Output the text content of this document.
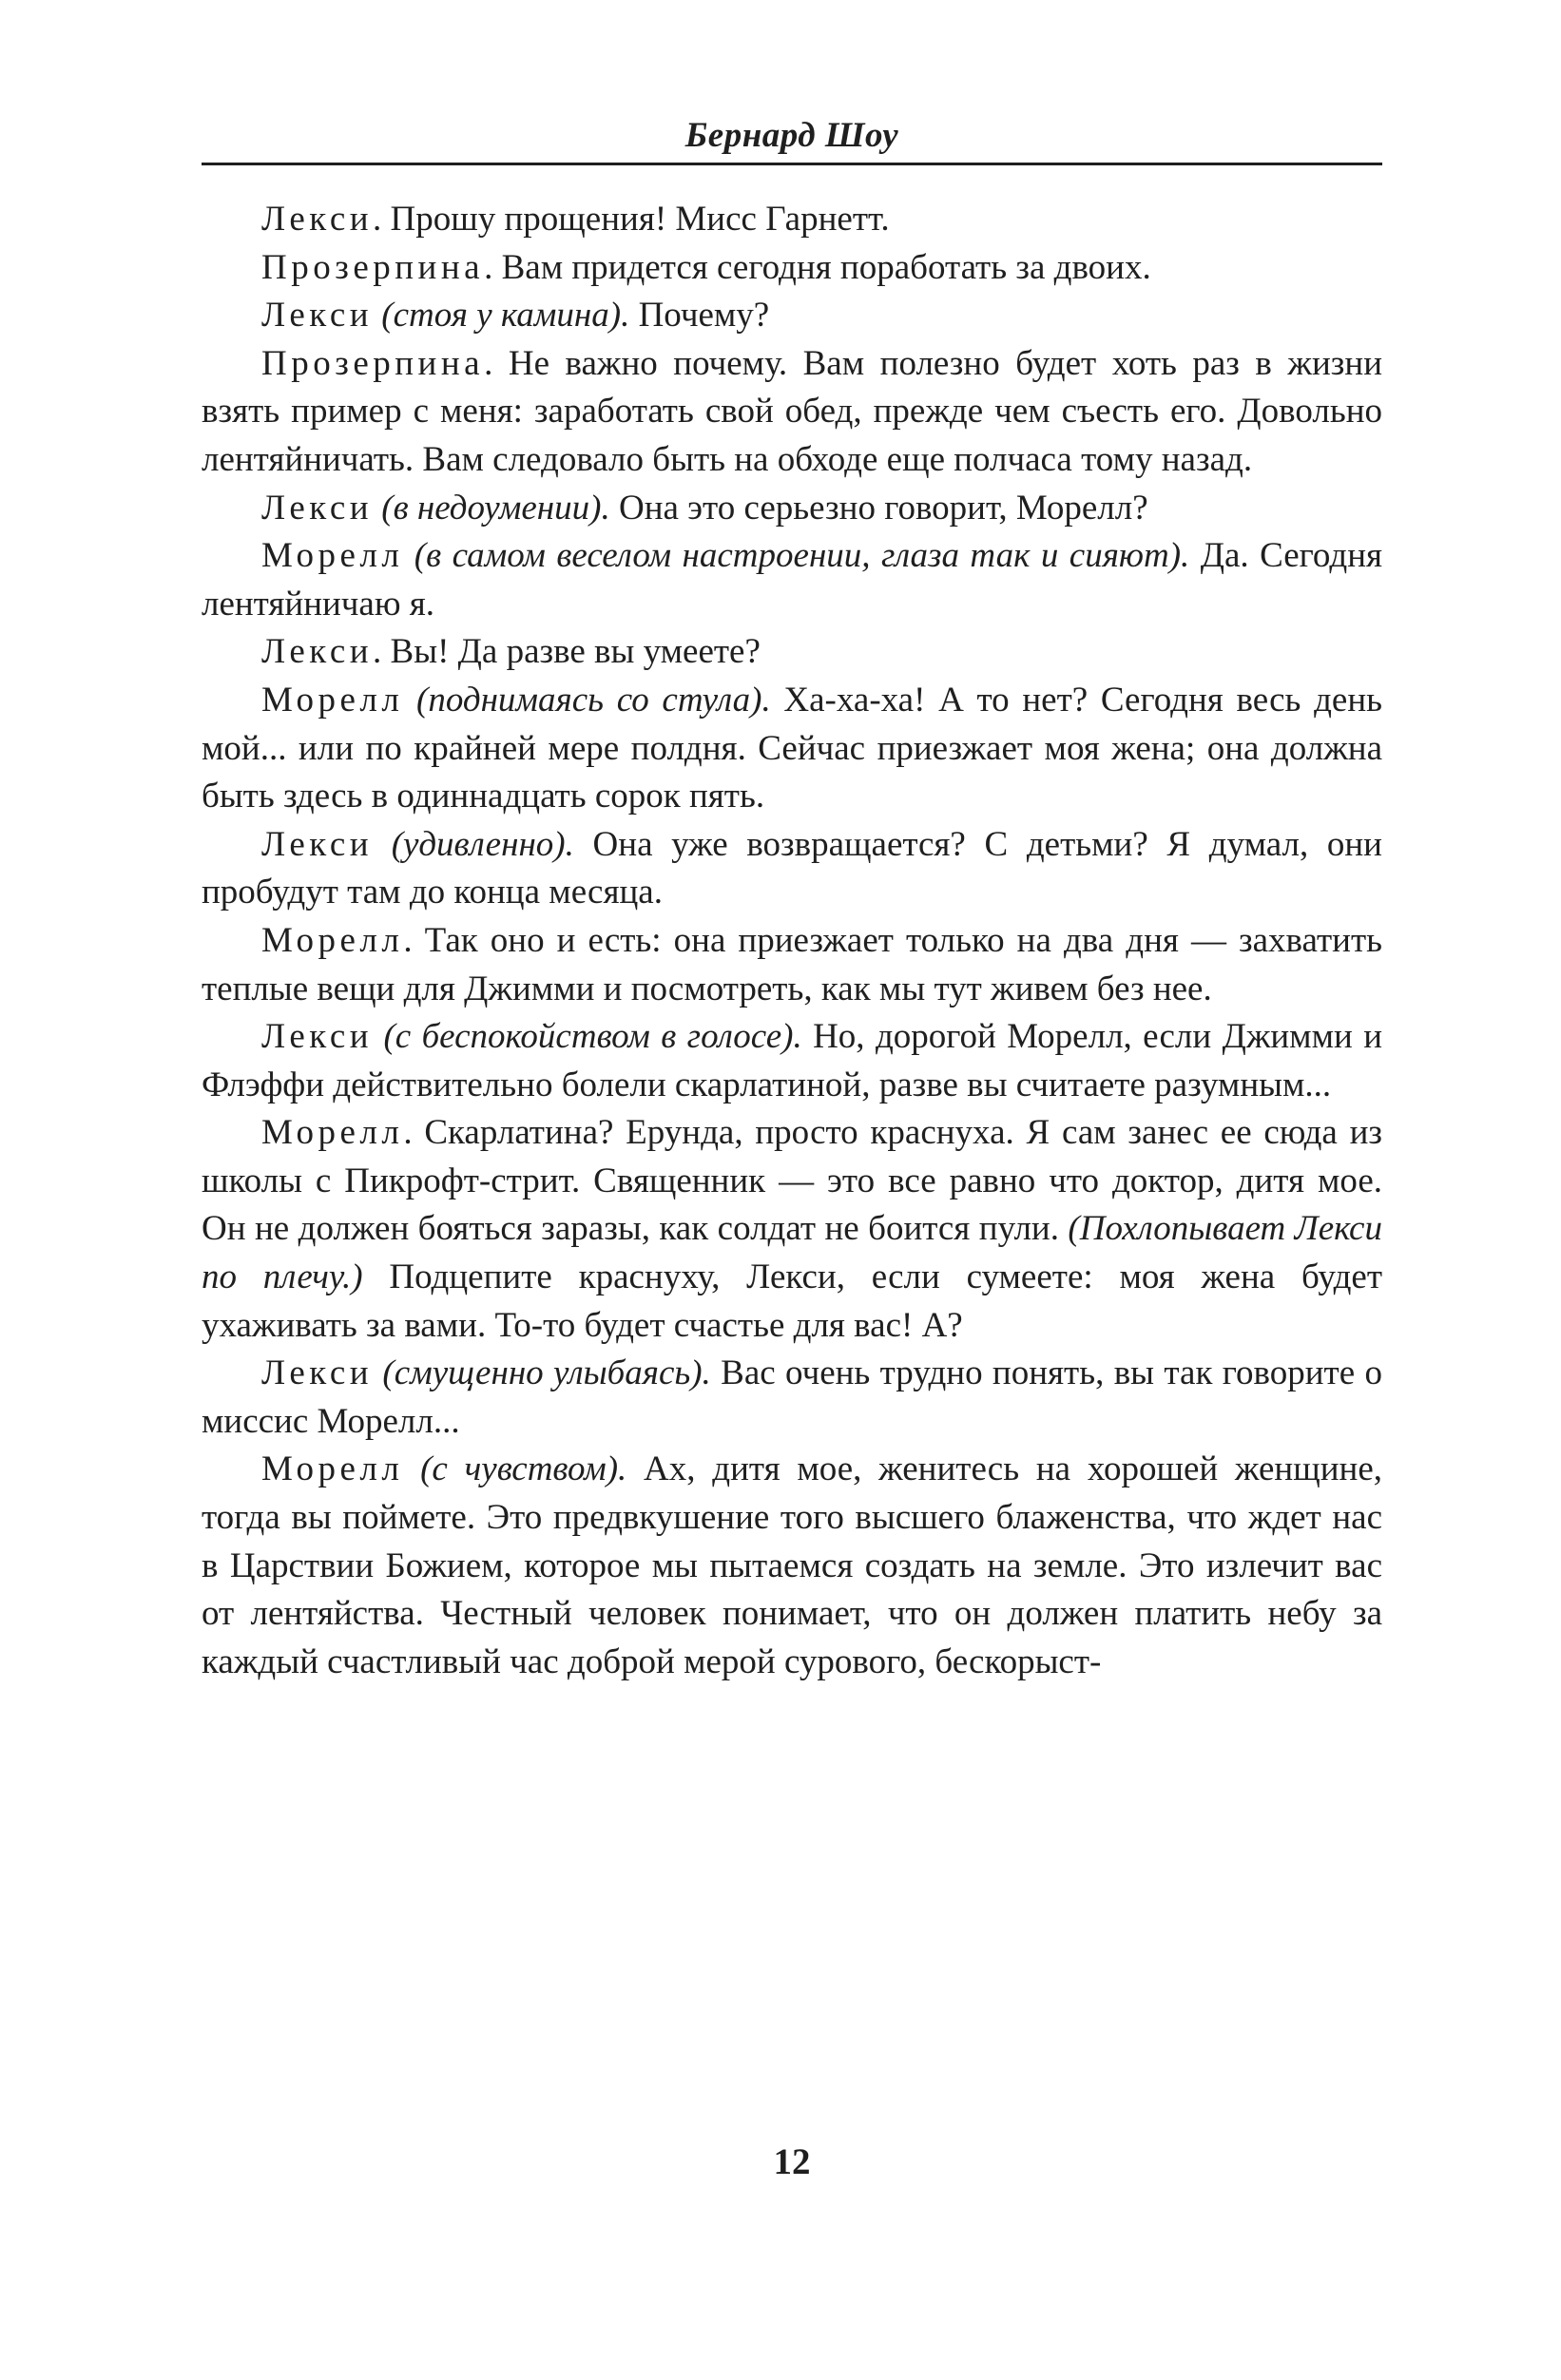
Бернард Шоу

Лекси. Прошу прощения! Мисс Гарнетт.

Прозерпина. Вам придется сегодня поработать за двоих.

Лекси (стоя у камина). Почему?

Прозерпина. Не важно почему. Вам полезно будет хоть раз в жизни взять пример с меня: заработать свой обед, прежде чем съесть его. Довольно лентяйничать. Вам следовало быть на обходе еще полчаса тому назад.

Лекси (в недоумении). Она это серьезно говорит, Морелл?

Морелл (в самом веселом настроении, глаза так и сияют). Да. Сегодня лентяйничаю я.

Лекси. Вы! Да разве вы умеете?

Морелл (поднимаясь со стула). Ха-ха-ха! А то нет? Сегодня весь день мой... или по крайней мере полдня. Сейчас приезжает моя жена; она должна быть здесь в одиннадцать сорок пять.

Лекси (удивленно). Она уже возвращается? С детьми? Я думал, они пробудут там до конца месяца.

Морелл. Так оно и есть: она приезжает только на два дня — захватить теплые вещи для Джимми и посмотреть, как мы тут живем без нее.

Лекси (с беспокойством в голосе). Но, дорогой Морелл, если Джимми и Флэффи действительно болели скарлатиной, разве вы считаете разумным...

Морелл. Скарлатина? Ерунда, просто краснуха. Я сам занес ее сюда из школы с Пикрофт-стрит. Священник — это все равно что доктор, дитя мое. Он не должен бояться заразы, как солдат не боится пули. (Похлопывает Лекси по плечу.) Подцепите краснуху, Лекси, если сумеете: моя жена будет ухаживать за вами. То-то будет счастье для вас! А?

Лекси (смущенно улыбаясь). Вас очень трудно понять, вы так говорите о миссис Морелл...

Морелл (с чувством). Ах, дитя мое, женитесь на хорошей женщине, тогда вы поймете. Это предвкушение того высшего блаженства, что ждет нас в Царствии Божием, которое мы пытаемся создать на земле. Это излечит вас от лентяйства. Честный человек понимает, что он должен платить небу за каждый счастливый час доброй мерой сурового, бескорыст-

12
